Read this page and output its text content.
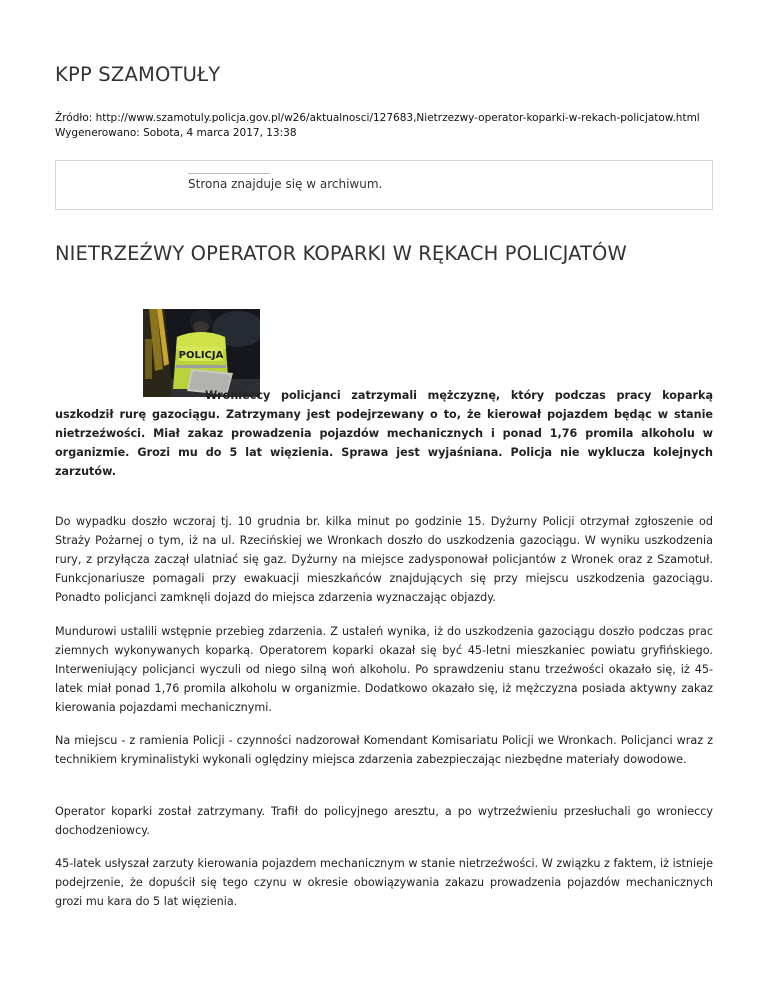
KPP SZAMOTUŁY
Źródło: http://www.szamotuly.policja.gov.pl/w26/aktualnosci/127683,Nietrzezwy-operator-koparki-w-rekach-policjatow.html
Wygenerowano: Sobota, 4 marca 2017, 13:38
Strona znajduje się w archiwum.
NIETRZEŹWY OPERATOR KOPARKI W RĘKACH POLICJATÓW
POLICJA
Wronieccy policjanci zatrzymali mężczyznę, który podczas pracy koparką uszkodził rurę gazociągu. Zatrzymany jest podejrzewany o to, że kierował pojazdem będąc w stanie nietrzeźwości. Miał zakaz prowadzenia pojazdów mechanicznych i ponad 1,76 promila alkoholu w organizmie. Grozi mu do 5 lat więzienia. Sprawa jest wyjaśniana. Policja nie wyklucza kolejnych zarzutów.
Do wypadku doszło wczoraj tj. 10 grudnia br. kilka minut po godzinie 15. Dyżurny Policji otrzymał zgłoszenie od Straży Pożarnej o tym, iż na ul. Rzecińskiej we Wronkach doszło do uszkodzenia gazociągu. W wyniku uszkodzenia rury, z przyłącza zaczął ulatniać się gaz. Dyżurny na miejsce zadysponował policjantów z Wronek oraz z Szamotuł. Funkcjonariusze pomagali przy ewakuacji mieszkańców znajdujących się przy miejscu uszkodzenia gazociągu. Ponadto policjanci zamknęli dojazd do miejsca zdarzenia wyznaczając objazdy.
Mundurowi ustalili wstępnie przebieg zdarzenia. Z ustaleń wynika, iż do uszkodzenia gazociągu doszło podczas prac ziemnych wykonywanych koparką. Operatorem koparki okazał się być 45-letni mieszkaniec powiatu gryfińskiego. Interweniujący policjanci wyczuli od niego silną woń alkoholu. Po sprawdzeniu stanu trzeźwości okazało się, iż 45-latek miał ponad 1,76 promila alkoholu w organizmie. Dodatkowo okazało się, iż mężczyzna posiada aktywny zakaz kierowania pojazdami mechanicznymi.
Na miejscu - z ramienia Policji - czynności nadzorował Komendant Komisariatu Policji we Wronkach. Policjanci wraz z technikiem kryminalistyki wykonali oględziny miejsca zdarzenia zabezpieczając niezbędne materiały dowodowe.
Operator koparki został zatrzymany. Trafił do policyjnego aresztu, a po wytrzeźwieniu przesłuchali go wronieccy dochodzeniowcy.
45-latek usłyszał zarzuty kierowania pojazdem mechanicznym w stanie nietrzeźwości. W związku z faktem, iż istnieje podejrzenie, że dopuścił się tego czynu w okresie obowiązywania zakazu prowadzenia pojazdów mechanicznych grozi mu kara do 5 lat więzienia.
